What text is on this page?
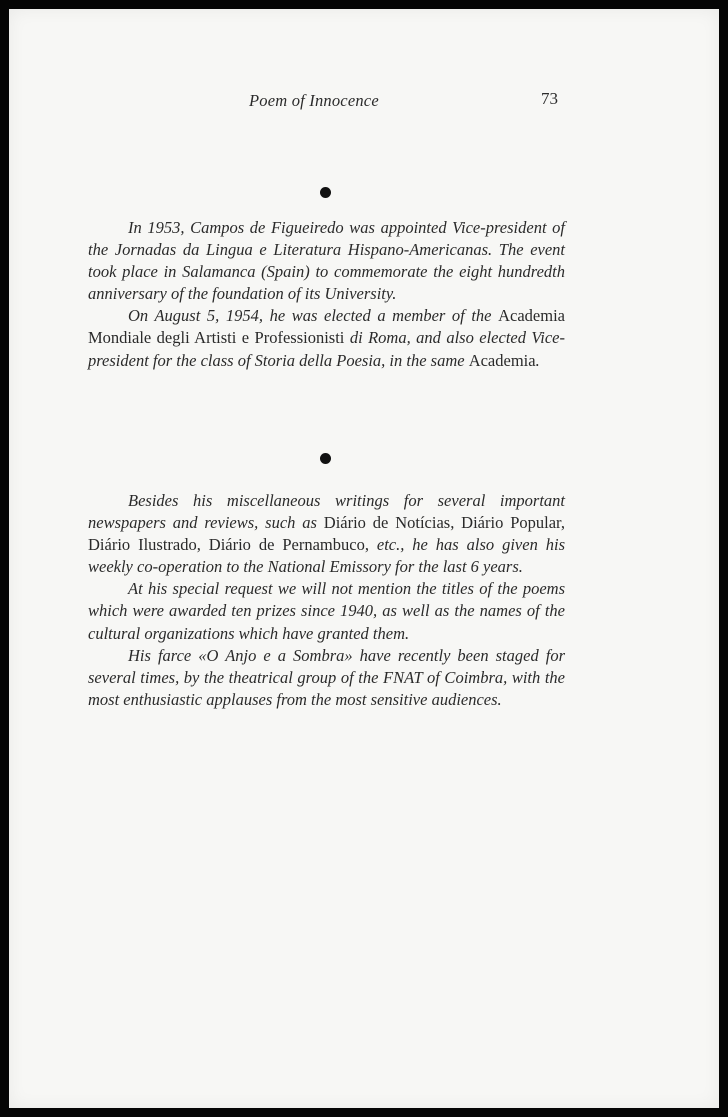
Poem of Innocence	73

In 1953, Campos de Figueiredo was appointed Vice-president of the Jornadas da Lingua e Literatura Hispano-Americanas. The event took place in Salamanca (Spain) to commemorate the eight hundredth anniversary of the foundation of its University.

On August 5, 1954, he was elected a member of the Academia Mondiale degli Artisti e Professionisti di Roma, and also elected Vice-president for the class of Storia della Poesia, in the same Academia.

Besides his miscellaneous writings for several important newspapers and reviews, such as Diário de Notícias, Diário Popular, Diário Ilustrado, Diário de Pernambuco, etc., he has also given his weekly co-operation to the National Emissory for the last 6 years.

At his special request we will not mention the titles of the poems which were awarded ten prizes since 1940, as well as the names of the cultural organizations which have granted them.

His farce «O Anjo e a Sombra» have recently been staged for several times, by the theatrical group of the FNAT of Coimbra, with the most enthusiastic applauses from the most sensitive audiences.
